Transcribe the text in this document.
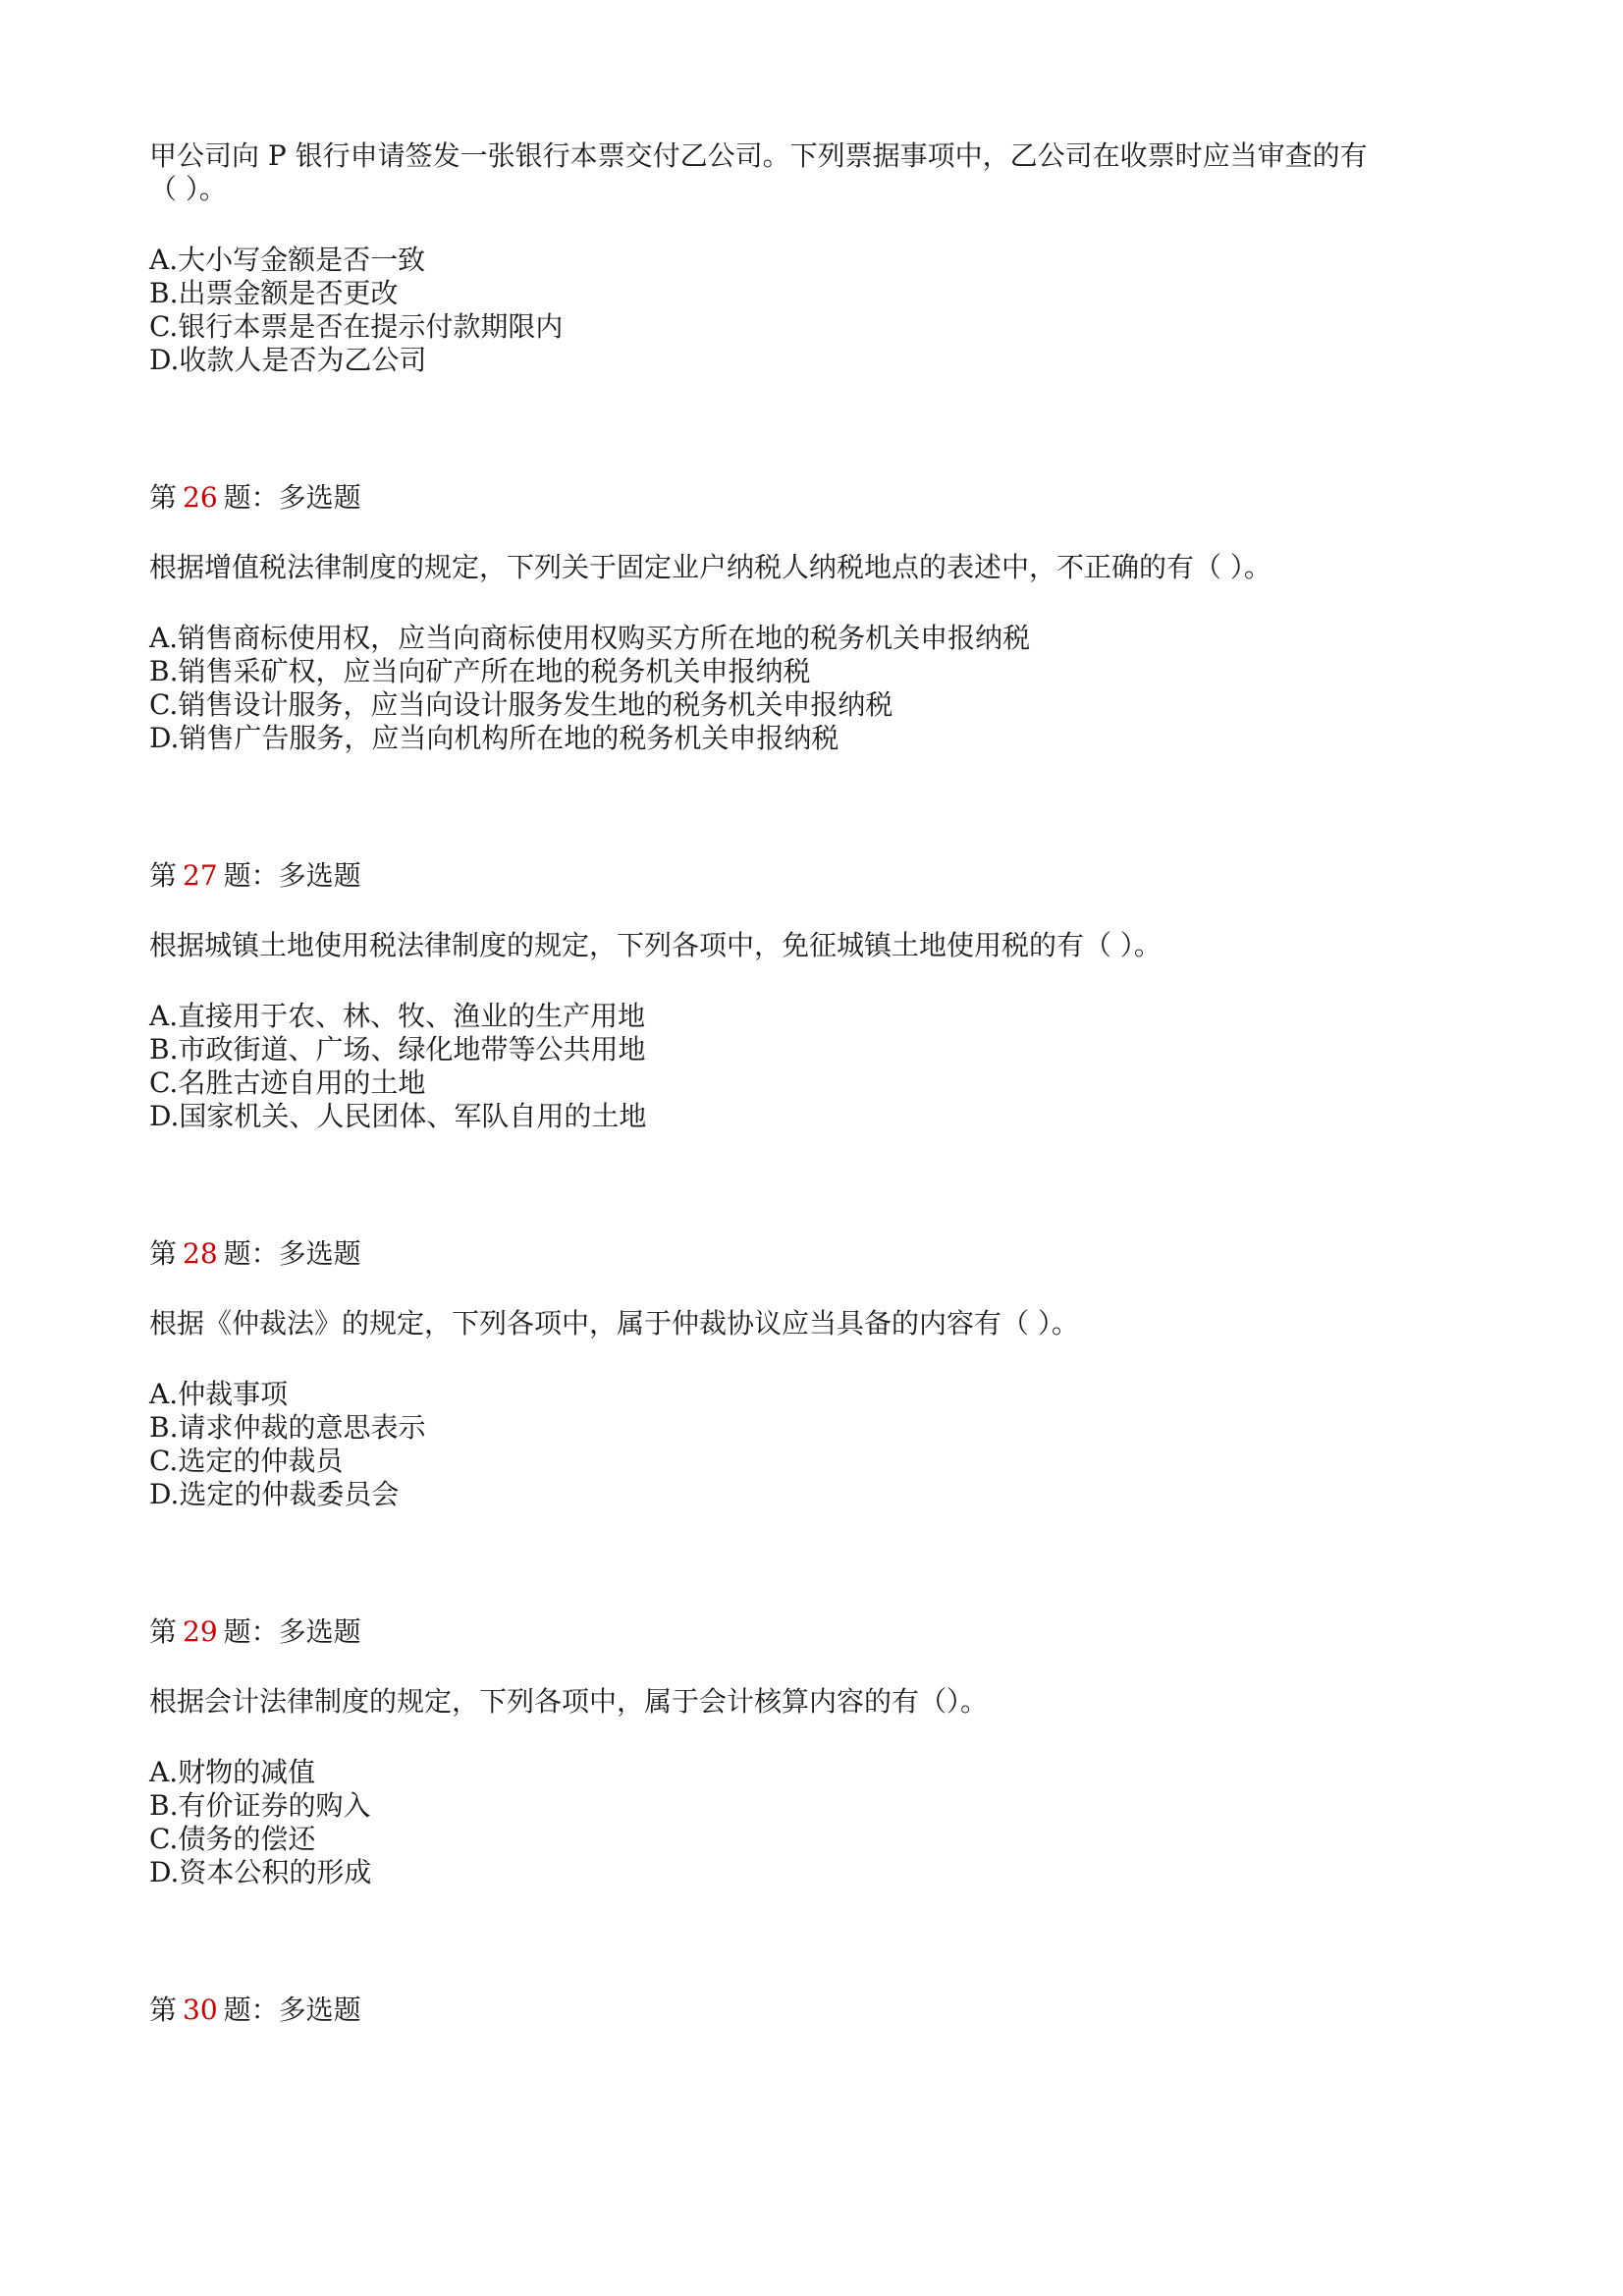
甲公司向 P 银行申请签发一张银行本票交付乙公司。下列票据事项中，乙公司在收票时应当审查的有
（ ）。
A.大小写金额是否一致
B.出票金额是否更改
C.银行本票是否在提示付款期限内
D.收款人是否为乙公司
第 26 题：多选题
根据增值税法律制度的规定，下列关于固定业户纳税人纳税地点的表述中，不正确的有（ ）。
A.销售商标使用权，应当向商标使用权购买方所在地的税务机关申报纳税
B.销售采矿权，应当向矿产所在地的税务机关申报纳税
C.销售设计服务，应当向设计服务发生地的税务机关申报纳税
D.销售广告服务，应当向机构所在地的税务机关申报纳税
第 27 题：多选题
根据城镇土地使用税法律制度的规定，下列各项中，免征城镇土地使用税的有（ ）。
A.直接用于农、林、牧、渔业的生产用地
B.市政街道、广场、绿化地带等公共用地
C.名胜古迹自用的土地
D.国家机关、人民团体、军队自用的土地
第 28 题：多选题
根据《仲裁法》的规定，下列各项中，属于仲裁协议应当具备的内容有（ ）。
A.仲裁事项
B.请求仲裁的意思表示
C.选定的仲裁员
D.选定的仲裁委员会
第 29 题：多选题
根据会计法律制度的规定，下列各项中，属于会计核算内容的有（）。
A.财物的减值
B.有价证券的购入
C.债务的偿还
D.资本公积的形成
第 30 题：多选题
